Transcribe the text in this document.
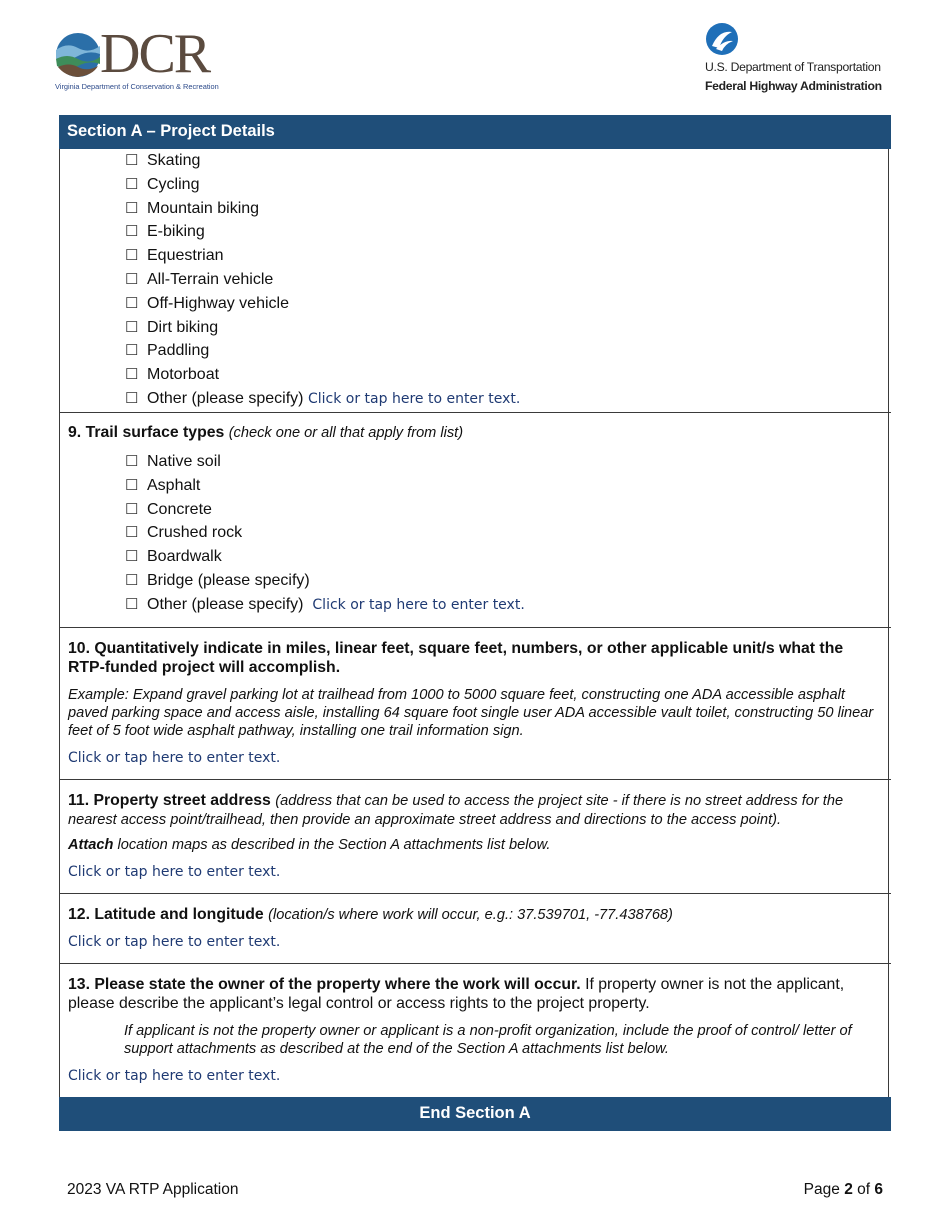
DCR
Virginia Department of Conservation & Recreation
U.S. Department of Transportation
Federal Highway Administration
Section A – Project Details
☐ Skating
☐ Cycling
☐ Mountain biking
☐ E-biking
☐ Equestrian
☐ All-Terrain vehicle
☐ Off-Highway vehicle
☐ Dirt biking
☐ Paddling
☐ Motorboat
☐ Other (please specify) Click or tap here to enter text.
9. Trail surface types (check one or all that apply from list)
☐ Native soil
☐ Asphalt
☐ Concrete
☐ Crushed rock
☐ Boardwalk
☐ Bridge (please specify)
☐ Other (please specify) Click or tap here to enter text.
10. Quantitatively indicate in miles, linear feet, square feet, numbers, or other applicable unit/s what the RTP-funded project will accomplish.
Example: Expand gravel parking lot at trailhead from 1000 to 5000 square feet, constructing one ADA accessible asphalt paved parking space and access aisle, installing 64 square foot single user ADA accessible vault toilet, constructing 50 linear feet of 5 foot wide asphalt pathway, installing one trail information sign.
Click or tap here to enter text.
11. Property street address (address that can be used to access the project site - if there is no street address for the nearest access point/trailhead, then provide an approximate street address and directions to the access point).
Attach location maps as described in the Section A attachments list below.
Click or tap here to enter text.
12. Latitude and longitude (location/s where work will occur, e.g.: 37.539701, -77.438768)
Click or tap here to enter text.
13. Please state the owner of the property where the work will occur. If property owner is not the applicant, please describe the applicant’s legal control or access rights to the project property.
If applicant is not the property owner or applicant is a non-profit organization, include the proof of control/ letter of support attachments as described at the end of the Section A attachments list below.
Click or tap here to enter text.
End Section A
2023 VA RTP Application	Page 2 of 6
